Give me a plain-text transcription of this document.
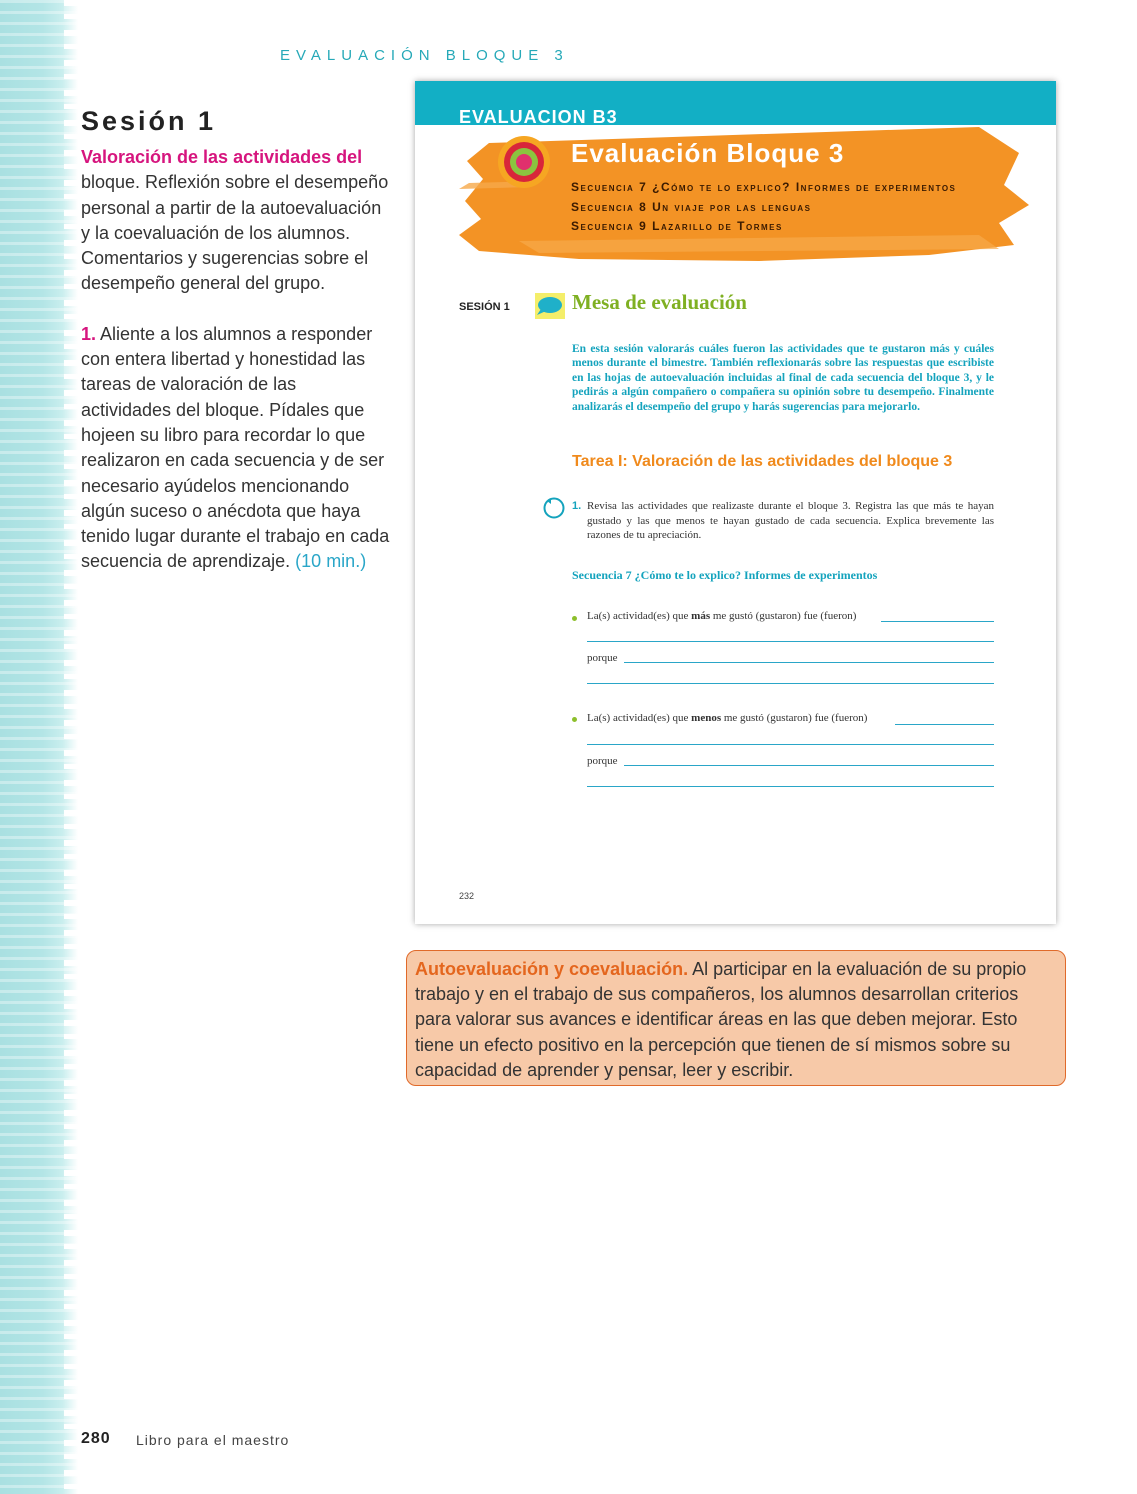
EVALUACIÓN BLOQUE 3
Sesión 1

Valoración de las actividades del bloque. Reflexión sobre el desempeño personal a partir de la autoevaluación y la coevaluación de los alumnos. Comentarios y sugerencias sobre el desempeño general del grupo.

1. Aliente a los alumnos a responder con entera libertad y honestidad las tareas de valoración de las actividades del bloque. Pídales que hojeen su libro para recordar lo que realizaron en cada secuencia y de ser necesario ayúdelos mencionando algún suceso o anécdota que haya tenido lugar durante el trabajo en cada secuencia de aprendizaje. (10 min.)

EVALUACION B3
Evaluación Bloque 3
Secuencia 7 ¿Cómo te lo explico? Informes de experimentos
Secuencia 8 Un viaje por las lenguas
Secuencia 9 Lazarillo de Tormes
SESIÓN 1	Mesa de evaluación

En esta sesión valorarás cuáles fueron las actividades que te gustaron más y cuáles menos durante el bimestre. También reflexionarás sobre las respuestas que escribiste en las hojas de autoevaluación incluidas al final de cada secuencia del bloque 3, y le pedirás a algún compañero o compañera su opinión sobre tu desempeño. Finalmente analizarás el desempeño del grupo y harás sugerencias para mejorarlo.

Tarea I: Valoración de las actividades del bloque 3
1. Revisa las actividades que realizaste durante el bloque 3. Registra las que más te hayan gustado y las que menos te hayan gustado de cada secuencia. Explica brevemente las razones de tu apreciación.

Secuencia 7 ¿Cómo te lo explico? Informes de experimentos
La(s) actividad(es) que más me gustó (gustaron) fue (fueron)
porque
La(s) actividad(es) que menos me gustó (gustaron) fue (fueron)
porque
232
Autoevaluación y coevaluación. Al participar en la evaluación de su propio trabajo y en el trabajo de sus compañeros, los alumnos desarrollan criterios para valorar sus avances e identificar áreas en las que deben mejorar. Esto tiene un efecto positivo en la percepción que tienen de sí mismos sobre su capacidad de aprender y pensar, leer y escribir.
280 Libro para el maestro
